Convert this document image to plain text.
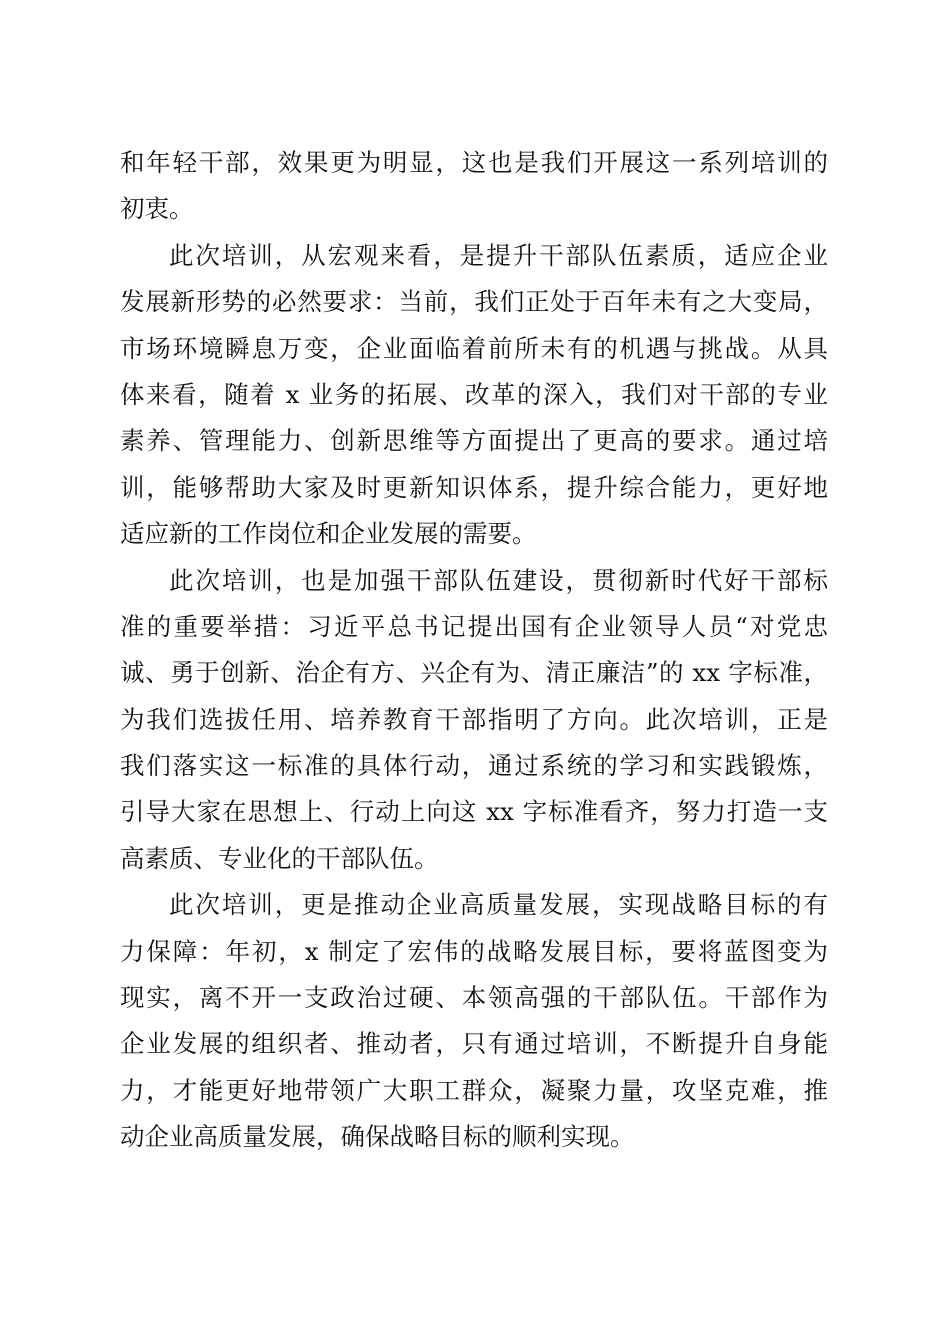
和年轻干部，效果更为明显，这也是我们开展这一系列培训的
初衷。
此次培训，从宏观来看，是提升干部队伍素质，适应企业
发展新形势的必然要求：当前，我们正处于百年未有之大变局，
市场环境瞬息万变，企业面临着前所未有的机遇与挑战。从具
体来看，随着 x 业务的拓展、改革的深入，我们对干部的专业
素养、管理能力、创新思维等方面提出了更高的要求。通过培
训，能够帮助大家及时更新知识体系，提升综合能力，更好地
适应新的工作岗位和企业发展的需要。
此次培训，也是加强干部队伍建设，贯彻新时代好干部标
准的重要举措：习近平总书记提出国有企业领导人员“对党忠
诚、勇于创新、治企有方、兴企有为、清正廉洁”的 xx 字标准，
为我们选拔任用、培养教育干部指明了方向。此次培训，正是
我们落实这一标准的具体行动，通过系统的学习和实践锻炼，
引导大家在思想上、行动上向这 xx 字标准看齐，努力打造一支
高素质、专业化的干部队伍。
此次培训，更是推动企业高质量发展，实现战略目标的有
力保障：年初，x 制定了宏伟的战略发展目标，要将蓝图变为
现实，离不开一支政治过硬、本领高强的干部队伍。干部作为
企业发展的组织者、推动者，只有通过培训，不断提升自身能
力，才能更好地带领广大职工群众，凝聚力量，攻坚克难，推
动企业高质量发展，确保战略目标的顺利实现。
